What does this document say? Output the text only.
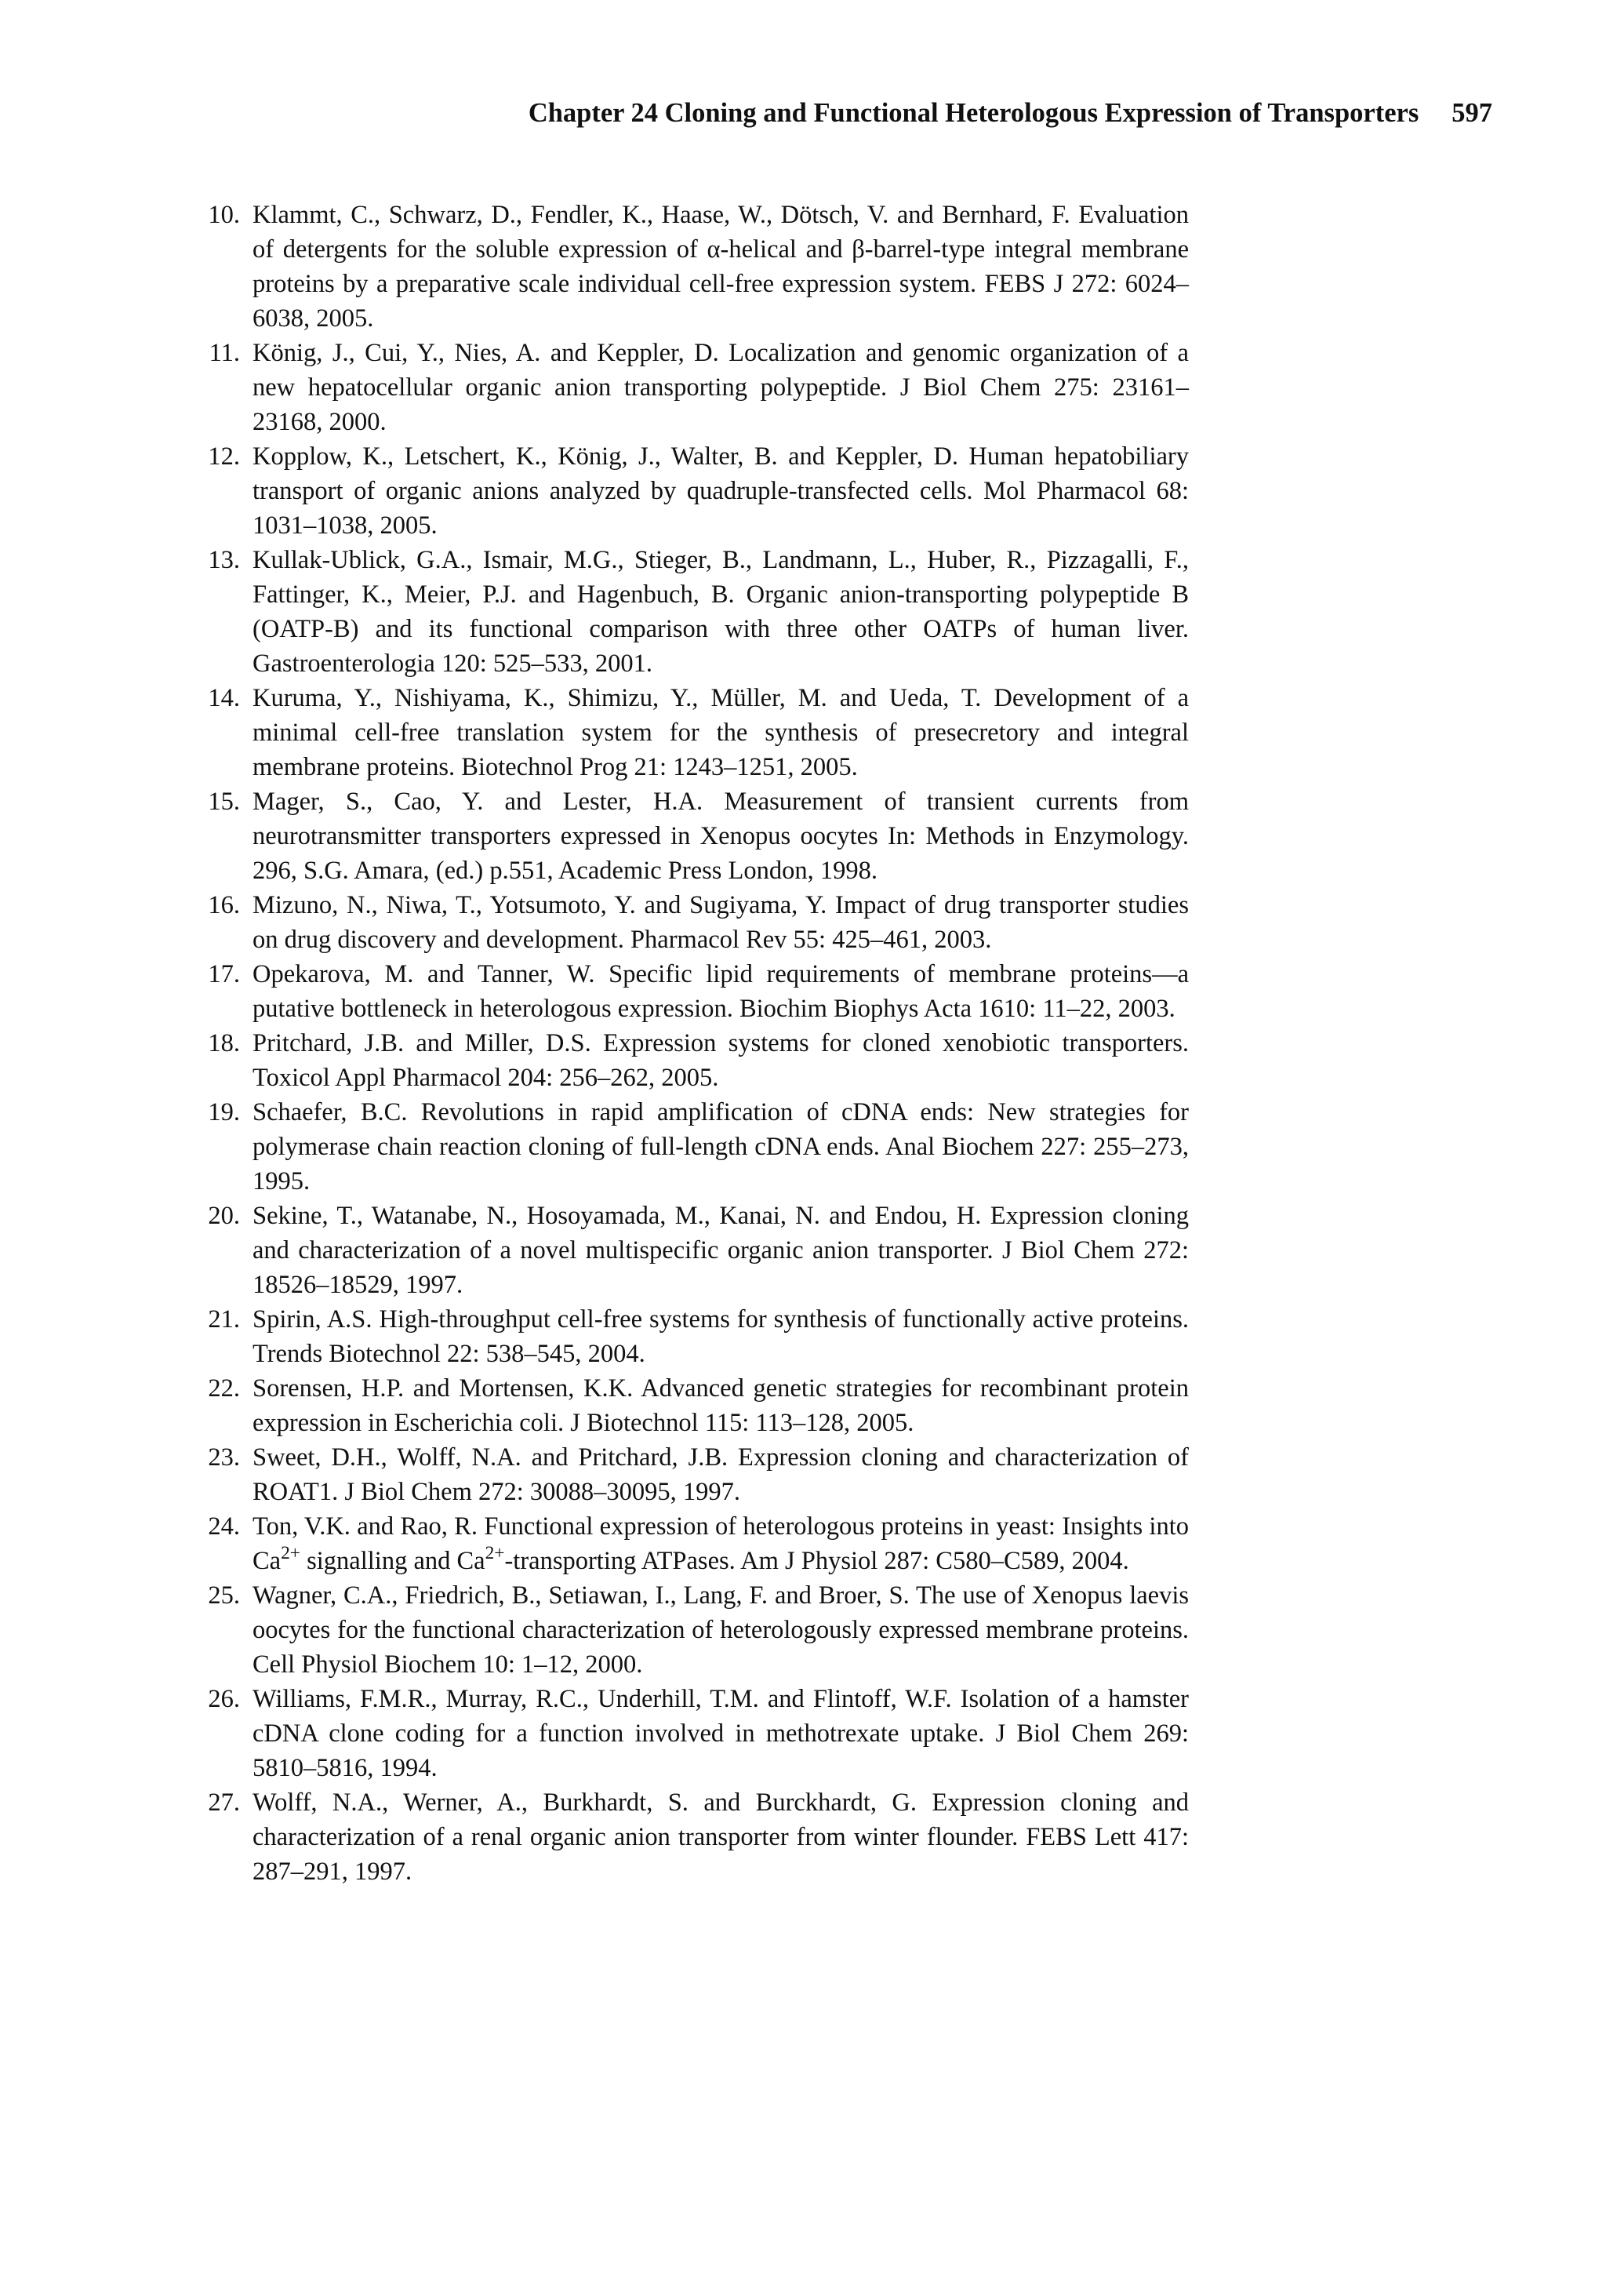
Chapter 24 Cloning and Functional Heterologous Expression of Transporters 597
10. Klammt, C., Schwarz, D., Fendler, K., Haase, W., Dötsch, V. and Bernhard, F. Evaluation of detergents for the soluble expression of α-helical and β-barrel-type integral membrane proteins by a preparative scale individual cell-free expression system. FEBS J 272: 6024–6038, 2005.
11. König, J., Cui, Y., Nies, A. and Keppler, D. Localization and genomic organization of a new hepatocellular organic anion transporting polypeptide. J Biol Chem 275: 23161–23168, 2000.
12. Kopplow, K., Letschert, K., König, J., Walter, B. and Keppler, D. Human hepatobiliary transport of organic anions analyzed by quadruple-transfected cells. Mol Pharmacol 68: 1031–1038, 2005.
13. Kullak-Ublick, G.A., Ismair, M.G., Stieger, B., Landmann, L., Huber, R., Pizzagalli, F., Fattinger, K., Meier, P.J. and Hagenbuch, B. Organic anion-transporting polypeptide B (OATP-B) and its functional comparison with three other OATPs of human liver. Gastroenterologia 120: 525–533, 2001.
14. Kuruma, Y., Nishiyama, K., Shimizu, Y., Müller, M. and Ueda, T. Development of a minimal cell-free translation system for the synthesis of presecretory and integral membrane proteins. Biotechnol Prog 21: 1243–1251, 2005.
15. Mager, S., Cao, Y. and Lester, H.A. Measurement of transient currents from neurotransmitter transporters expressed in Xenopus oocytes In: Methods in Enzymology. 296, S.G. Amara, (ed.) p.551, Academic Press London, 1998.
16. Mizuno, N., Niwa, T., Yotsumoto, Y. and Sugiyama, Y. Impact of drug transporter studies on drug discovery and development. Pharmacol Rev 55: 425–461, 2003.
17. Opekarova, M. and Tanner, W. Specific lipid requirements of membrane proteins—a putative bottleneck in heterologous expression. Biochim Biophys Acta 1610: 11–22, 2003.
18. Pritchard, J.B. and Miller, D.S. Expression systems for cloned xenobiotic transporters. Toxicol Appl Pharmacol 204: 256–262, 2005.
19. Schaefer, B.C. Revolutions in rapid amplification of cDNA ends: New strategies for polymerase chain reaction cloning of full-length cDNA ends. Anal Biochem 227: 255–273, 1995.
20. Sekine, T., Watanabe, N., Hosoyamada, M., Kanai, N. and Endou, H. Expression cloning and characterization of a novel multispecific organic anion transporter. J Biol Chem 272: 18526–18529, 1997.
21. Spirin, A.S. High-throughput cell-free systems for synthesis of functionally active proteins. Trends Biotechnol 22: 538–545, 2004.
22. Sorensen, H.P. and Mortensen, K.K. Advanced genetic strategies for recombinant protein expression in Escherichia coli. J Biotechnol 115: 113–128, 2005.
23. Sweet, D.H., Wolff, N.A. and Pritchard, J.B. Expression cloning and characterization of ROAT1. J Biol Chem 272: 30088–30095, 1997.
24. Ton, V.K. and Rao, R. Functional expression of heterologous proteins in yeast: Insights into $Ca^{2+}$ signalling and $Ca^{2+}$-transporting ATPases. Am J Physiol 287: C580–C589, 2004.
25. Wagner, C.A., Friedrich, B., Setiawan, I., Lang, F. and Broer, S. The use of Xenopus laevis oocytes for the functional characterization of heterologously expressed membrane proteins. Cell Physiol Biochem 10: 1–12, 2000.
26. Williams, F.M.R., Murray, R.C., Underhill, T.M. and Flintoff, W.F. Isolation of a hamster cDNA clone coding for a function involved in methotrexate uptake. J Biol Chem 269: 5810–5816, 1994.
27. Wolff, N.A., Werner, A., Burkhardt, S. and Burckhardt, G. Expression cloning and characterization of a renal organic anion transporter from winter flounder. FEBS Lett 417: 287–291, 1997.
